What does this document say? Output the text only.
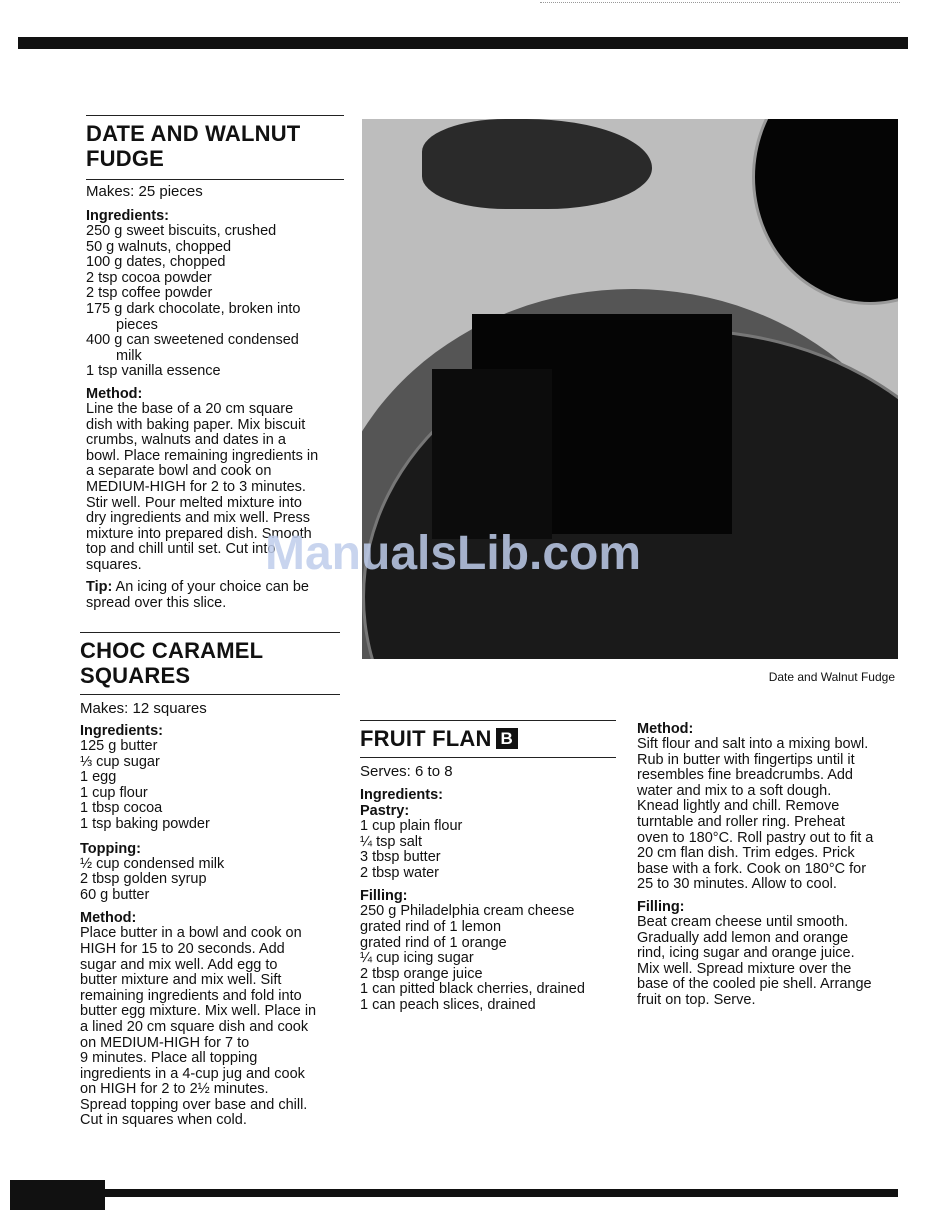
DATE AND WALNUT
FUDGE
Makes: 25 pieces
Ingredients:
250 g sweet biscuits, crushed
50 g walnuts, chopped
100 g dates, chopped
2 tsp cocoa powder
2 tsp coffee powder
175 g dark chocolate, broken into
pieces
400 g can sweetened condensed
milk
1 tsp vanilla essence
Method:
Line the base of a 20 cm square
dish with baking paper. Mix biscuit
crumbs, walnuts and dates in a
bowl. Place remaining ingredients in
a separate bowl and cook on
MEDIUM-HIGH for 2 to 3 minutes.
Stir well. Pour melted mixture into
dry ingredients and mix well. Press
mixture into prepared dish. Smooth
top and chill until set. Cut into
squares.
Tip: An icing of your choice can be
spread over this slice.
CHOC CARAMEL
SQUARES
Makes: 12 squares
Ingredients:
125 g butter
⅓ cup sugar
1 egg
1 cup flour
1 tbsp cocoa
1 tsp baking powder
Topping:
½ cup condensed milk
2 tbsp golden syrup
60 g butter
Method:
Place butter in a bowl and cook on
HIGH for 15 to 20 seconds. Add
sugar and mix well. Add egg to
butter mixture and mix well. Sift
remaining ingredients and fold into
butter egg mixture. Mix well. Place in
a lined 20 cm square dish and cook
on MEDIUM-HIGH for 7 to
9 minutes. Place all topping
ingredients in a 4-cup jug and cook
on HIGH for 2 to 2½ minutes.
Spread topping over base and chill.
Cut in squares when cold.
Date and Walnut Fudge
FRUIT FLAN B
Serves: 6 to 8
Ingredients:
Pastry:
1 cup plain flour
¼ tsp salt
3 tbsp butter
2 tbsp water
Filling:
250 g Philadelphia cream cheese
grated rind of 1 lemon
grated rind of 1 orange
¼ cup icing sugar
2 tbsp orange juice
1 can pitted black cherries, drained
1 can peach slices, drained
Method:
Sift flour and salt into a mixing bowl.
Rub in butter with fingertips until it
resembles fine breadcrumbs. Add
water and mix to a soft dough.
Knead lightly and chill. Remove
turntable and roller ring. Preheat
oven to 180°C. Roll pastry out to fit a
20 cm flan dish. Trim edges. Prick
base with a fork. Cook on 180°C for
25 to 30 minutes. Allow to cool.
Filling:
Beat cream cheese until smooth.
Gradually add lemon and orange
rind, icing sugar and orange juice.
Mix well. Spread mixture over the
base of the cooled pie shell. Arrange
fruit on top. Serve.
ManualsLib.com
